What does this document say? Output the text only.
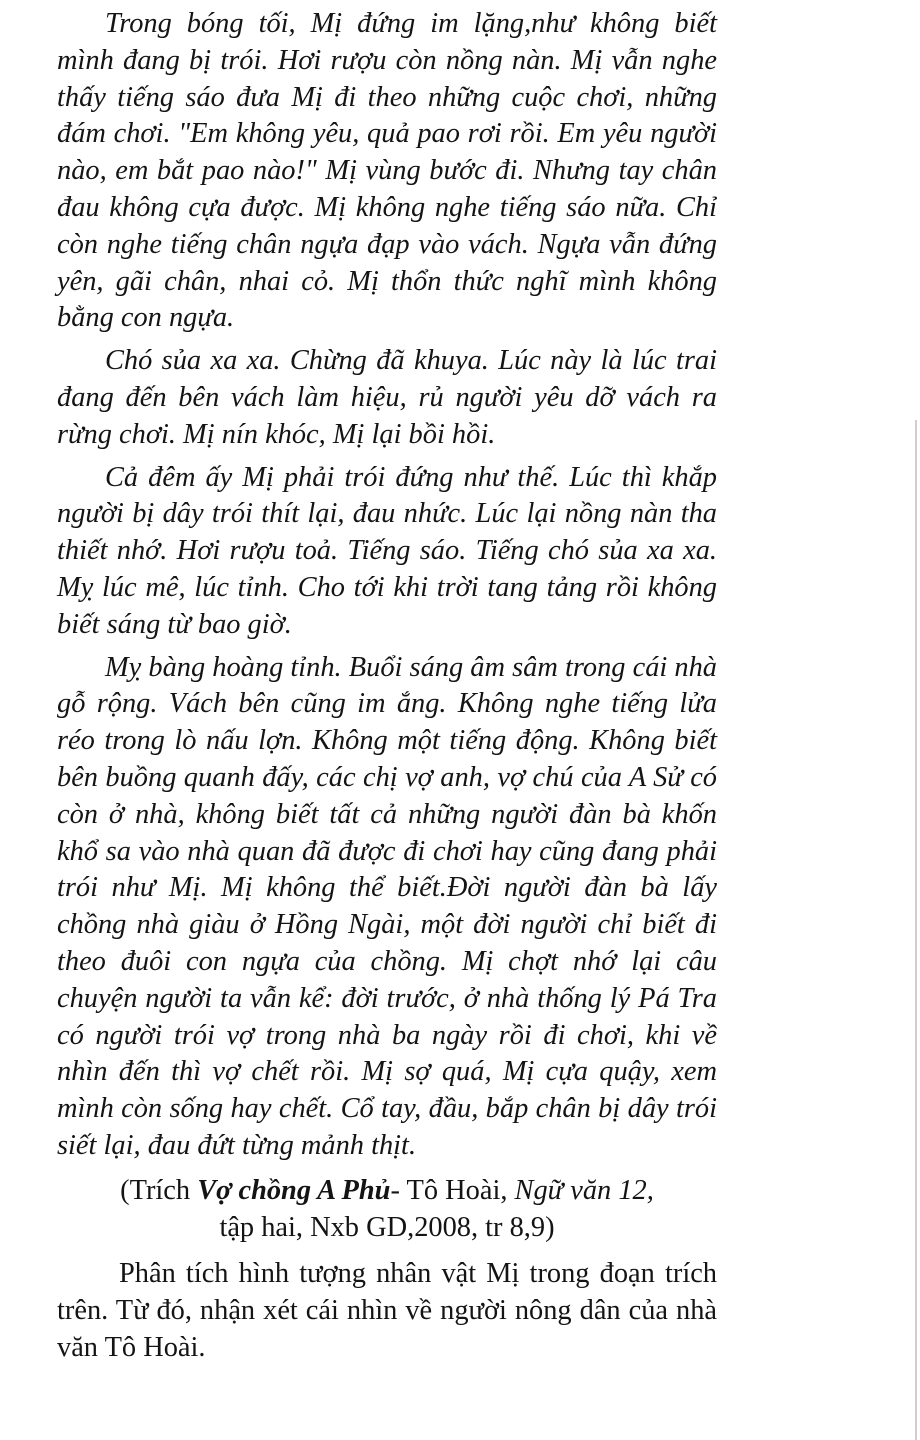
Trong bóng tối, Mị đứng im lặng,như không biết mình đang bị trói. Hơi rượu còn nồng nàn. Mị vẫn nghe thấy tiếng sáo đưa Mị đi theo những cuộc chơi, những đám chơi. "Em không yêu, quả pao rơi rồi. Em yêu người nào, em bắt pao nào!" Mị vùng bước đi. Nhưng tay chân đau không cựa được. Mị không nghe tiếng sáo nữa. Chỉ còn nghe tiếng chân ngựa đạp vào vách. Ngựa vẫn đứng yên, gãi chân, nhai cỏ. Mị thổn thức nghĩ mình không bằng con ngựa.

Chó sủa xa xa. Chừng đã khuya. Lúc này là lúc trai đang đến bên vách làm hiệu, rủ người yêu dỡ vách ra rừng chơi. Mị nín khóc, Mị lại bồi hồi.

Cả đêm ấy Mị phải trói đứng như thế. Lúc thì khắp người bị dây trói thít lại, đau nhức. Lúc lại nồng nàn tha thiết nhớ. Hơi rượu toả. Tiếng sáo. Tiếng chó sủa xa xa. Mỵ lúc mê, lúc tỉnh. Cho tới khi trời tang tảng rồi không biết sáng từ bao giờ.

Mỵ bàng hoàng tỉnh. Buổi sáng âm sâm trong cái nhà gỗ rộng. Vách bên cũng im ắng. Không nghe tiếng lửa réo trong lò nấu lợn. Không một tiếng động. Không biết bên buồng quanh đấy, các chị vợ anh, vợ chú của A Sử có còn ở nhà, không biết tất cả những người đàn bà khốn khổ sa vào nhà quan đã được đi chơi hay cũng đang phải trói như Mị. Mị không thể biết.Đời người đàn bà lấy chồng nhà giàu ở Hồng Ngài, một đời người chỉ biết đi theo đuôi con ngựa của chồng. Mị chợt nhớ lại câu chuyện người ta vẫn kể: đời trước, ở nhà thống lý Pá Tra có người trói vợ trong nhà ba ngày rồi đi chơi, khi về nhìn đến thì vợ chết rồi. Mị sợ quá, Mị cựa quậy, xem mình còn sống hay chết. Cổ tay, đầu, bắp chân bị dây trói siết lại, đau đứt từng mảnh thịt.

(Trích Vợ chồng A Phủ- Tô Hoài, Ngữ văn 12,
tập hai, Nxb GD,2008, tr 8,9)

Phân tích hình tượng nhân vật Mị trong đoạn trích trên. Từ đó, nhận xét cái nhìn về người nông dân của nhà văn Tô Hoài.
